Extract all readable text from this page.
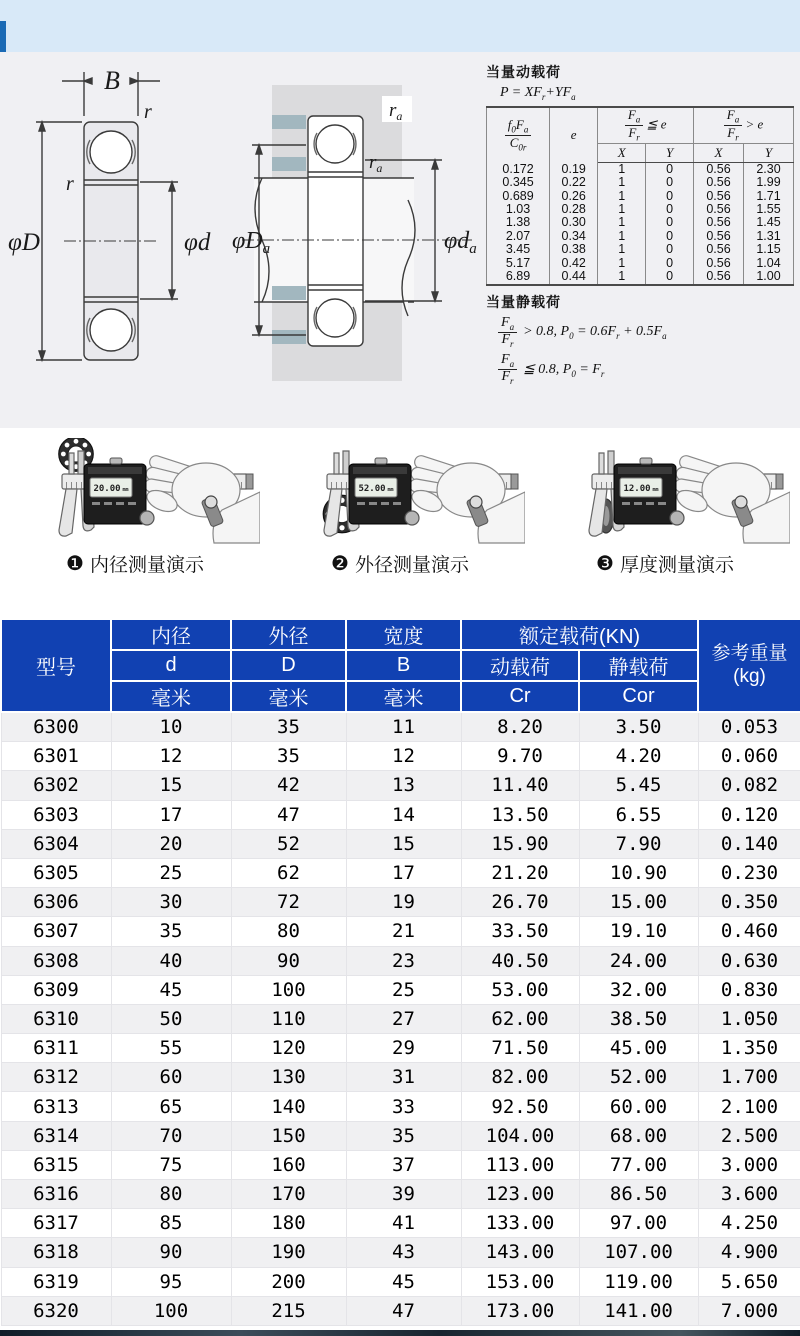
B
r
r
φD	φd
$r_a$
$r_a$
$\varphi D_a$	$\varphi d_a$
当量动载荷
$P = XF_r+YF_a$
$\frac{f_0F_a}{C_{0r}}$	e	$\frac{F_a}{F_r}$ ≦ e		$\frac{F_a}{F_r} > e$	
		X	Y	X	Y
0.172	0.19	1	0	0.56	2.30
0.345	0.22	1	0	0.56	1.99
0.689	0.26	1	0	0.56	1.71
1.03	0.28	1	0	0.56	1.55
1.38	0.30	1	0	0.56	1.45
2.07	0.34	1	0	0.56	1.31
3.45	0.38	1	0	0.56	1.15
5.17	0.42	1	0	0.56	1.04
6.89	0.44	1	0	0.56	1.00
当量静载荷
$\frac{F_a}{F_r} > 0.8$, $P_0 = 0.6F_r + 0.5F_a$
$\frac{F_a}{F_r}$ ≦ 0.8, $P_0 = F_r$
20.00 mm
❶ 内径测量演示
52.00 mm
❷ 外径测量演示
12.00 mm
❸ 厚度测量演示
型号	内径	外径	宽度	额定载荷(KN)		参考重量
(kg)
	d	D	B	动载荷	静载荷	
	毫米	毫米	毫米	Cr	Cor	
6300	10	35	11	8.20	3.50	0.053
6301	12	35	12	9.70	4.20	0.060
6302	15	42	13	11.40	5.45	0.082
6303	17	47	14	13.50	6.55	0.120
6304	20	52	15	15.90	7.90	0.140
6305	25	62	17	21.20	10.90	0.230
6306	30	72	19	26.70	15.00	0.350
6307	35	80	21	33.50	19.10	0.460
6308	40	90	23	40.50	24.00	0.630
6309	45	100	25	53.00	32.00	0.830
6310	50	110	27	62.00	38.50	1.050
6311	55	120	29	71.50	45.00	1.350
6312	60	130	31	82.00	52.00	1.700
6313	65	140	33	92.50	60.00	2.100
6314	70	150	35	104.00	68.00	2.500
6315	75	160	37	113.00	77.00	3.000
6316	80	170	39	123.00	86.50	3.600
6317	85	180	41	133.00	97.00	4.250
6318	90	190	43	143.00	107.00	4.900
6319	95	200	45	153.00	119.00	5.650
6320	100	215	47	173.00	141.00	7.000
